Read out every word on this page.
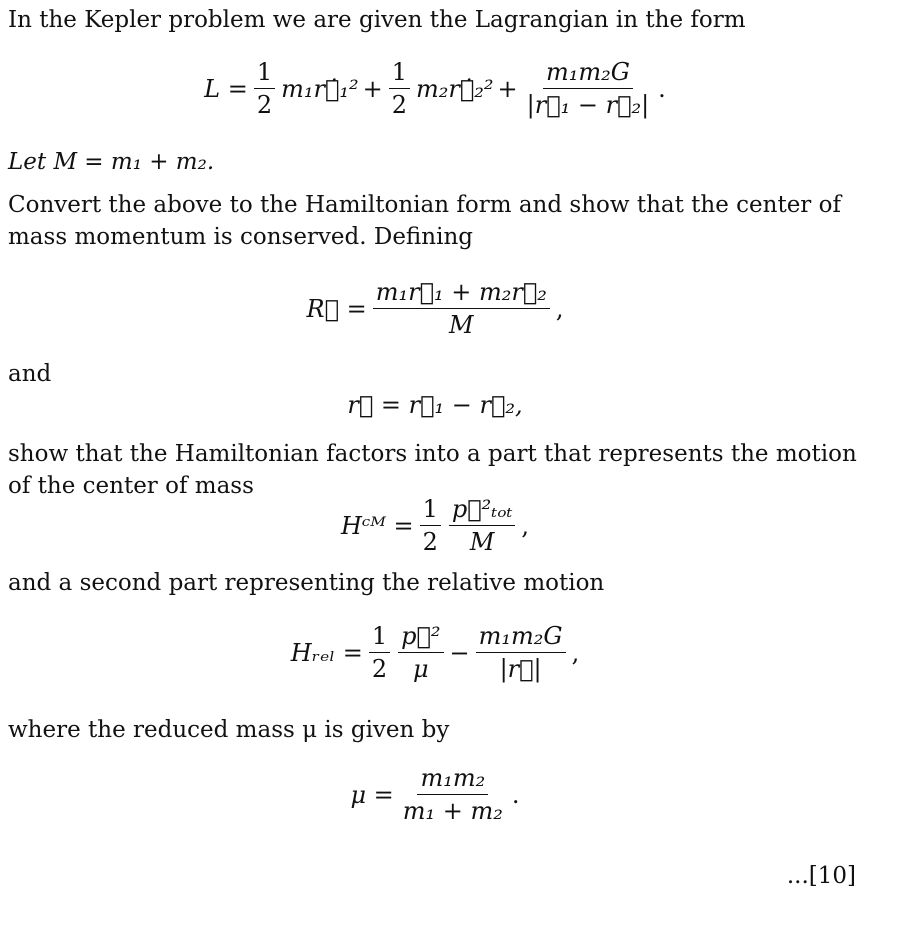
In the Kepler problem we are given the Lagrangian in the form
$L = \frac{1}{2}$ m₁r⃗̇₁² + $\frac{1}{2}$ m₂r⃗̇₂² + $\frac{\text{m₁m₂G}}{\text{|r⃗₁ − r⃗₂|}}$ .
Let M = m₁ + m₂.
Convert the above to the Hamiltonian form and show that the center of mass momentum is conserved. Defining
R⃗ = $\frac{\text{m₁r⃗₁ + m₂r⃗₂}}{M}$ ,
and
r⃗ = r⃗₁ − r⃗₂,
show that the Hamiltonian factors into a part that represents the motion of the center of mass
Hᶜᴹ = $\frac{1}{2} \frac{\text{p⃗²ₜₒₜ}}{M}$ ,
and a second part representing the relative motion
Hᵣₑₗ = $\frac{1}{2} \frac{\text{p⃗²}}{\mu} - \frac{\text{m₁m₂G}}{|r⃗|}$ ,
where the reduced mass μ is given by
$\mu = \frac{\text{m₁m₂}}{\text{m₁ + m₂}}$ .
...[10]
